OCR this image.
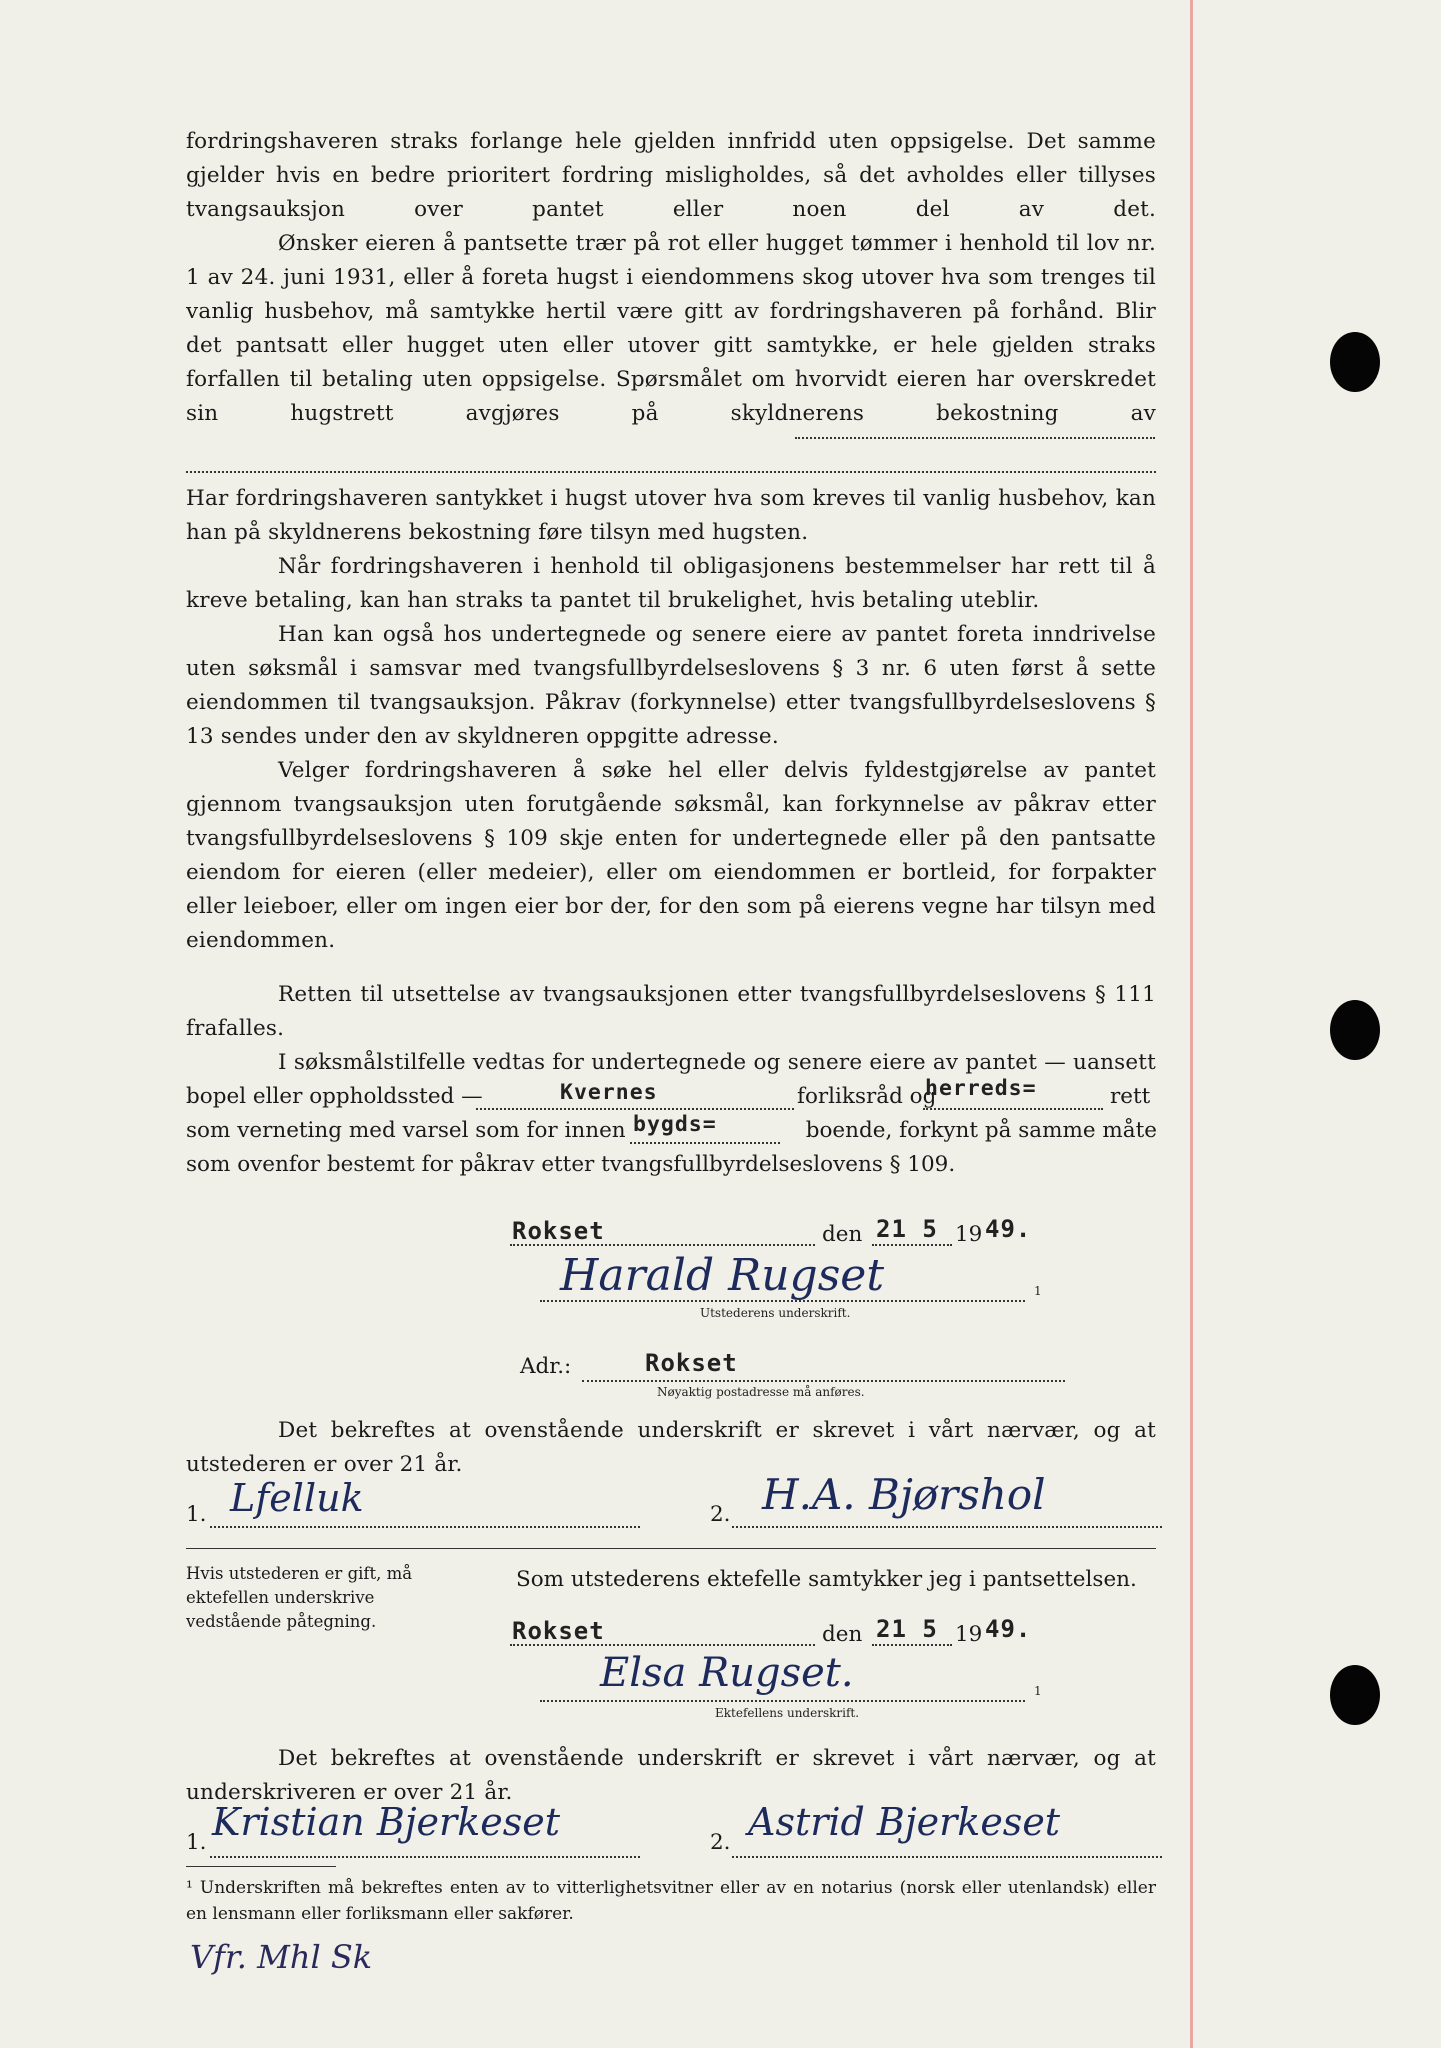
fordringshaveren straks forlange hele gjelden innfridd uten oppsigelse. Det samme gjelder hvis en bedre prioritert fordring misligholdes, så det avholdes eller tillyses tvangsauksjon over pantet eller noen del av det.
Ønsker eieren å pantsette trær på rot eller hugget tømmer i henhold til lov nr. 1 av 24. juni 1931, eller å foreta hugst i eiendommens skog utover hva som trenges til vanlig husbehov, må samtykke hertil være gitt av fordringshaveren på forhånd. Blir det pantsatt eller hugget uten eller utover gitt samtykke, er hele gjelden straks forfallen til betaling uten oppsigelse. Spørsmålet om hvorvidt eieren har overskredet sin hugstrett avgjøres på skyldnerens bekostning av
Har fordringshaveren santykket i hugst utover hva som kreves til vanlig husbehov, kan han på skyldnerens bekostning føre tilsyn med hugsten.
Når fordringshaveren i henhold til obligasjonens bestemmelser har rett til å kreve betaling, kan han straks ta pantet til brukelighet, hvis betaling uteblir.
Han kan også hos undertegnede og senere eiere av pantet foreta inndrivelse uten søksmål i samsvar med tvangsfullbyrdelseslovens § 3 nr. 6 uten først å sette eiendommen til tvangsauksjon. Påkrav (forkynnelse) etter tvangsfullbyrdelseslovens § 13 sendes under den av skyldneren oppgitte adresse.
Velger fordringshaveren å søke hel eller delvis fyldestgjørelse av pantet gjennom tvangsauksjon uten forutgående søksmål, kan forkynnelse av påkrav etter tvangsfullbyrdelseslovens § 109 skje enten for undertegnede eller på den pantsatte eiendom for eieren (eller medeier), eller om eiendommen er bortleid, for forpakter eller leieboer, eller om ingen eier bor der, for den som på eierens vegne har tilsyn med eiendommen.
Retten til utsettelse av tvangsauksjonen etter tvangsfullbyrdelseslovens § 111 frafalles.
I søksmålstilfelle vedtas for undertegnede og senere eiere av pantet — uansett
bopel eller oppholdssted —	Kvernes	forliksråd og
herreds=	rett
som verneting med varsel som for innen bygds=	boende, forkynt på samme måte
som ovenfor bestemt for påkrav etter tvangsfullbyrdelseslovens § 109.
Rokset	den 21 5 19 49.
Harald Rugset	1
Utstederens underskrift.
Adr.:	Rokset
Nøyaktig postadresse må anføres.
Det bekreftes at ovenstående underskrift er skrevet i vårt nærvær, og at utstederen er over 21 år.
1. Lfelluk	2. H.A. Bjørshol
Hvis utstederen er gift, må ektefellen underskrive vedstående påtegning.
Som utstederens ektefelle samtykker jeg i pantsettelsen.
Rokset	den 21 5 19 49.
Elsa Rugset.	1
Ektefellens underskrift.
Det bekreftes at ovenstående underskrift er skrevet i vårt nærvær, og at underskriveren er over 21 år.
1. Kristian Bjerkeset	2. Astrid Bjerkeset
¹ Underskriften må bekreftes enten av to vitterlighetsvitner eller av en notarius (norsk eller utenlandsk) eller en lensmann eller forliksmann eller sakfører.
Vfr. Mhl Sk
